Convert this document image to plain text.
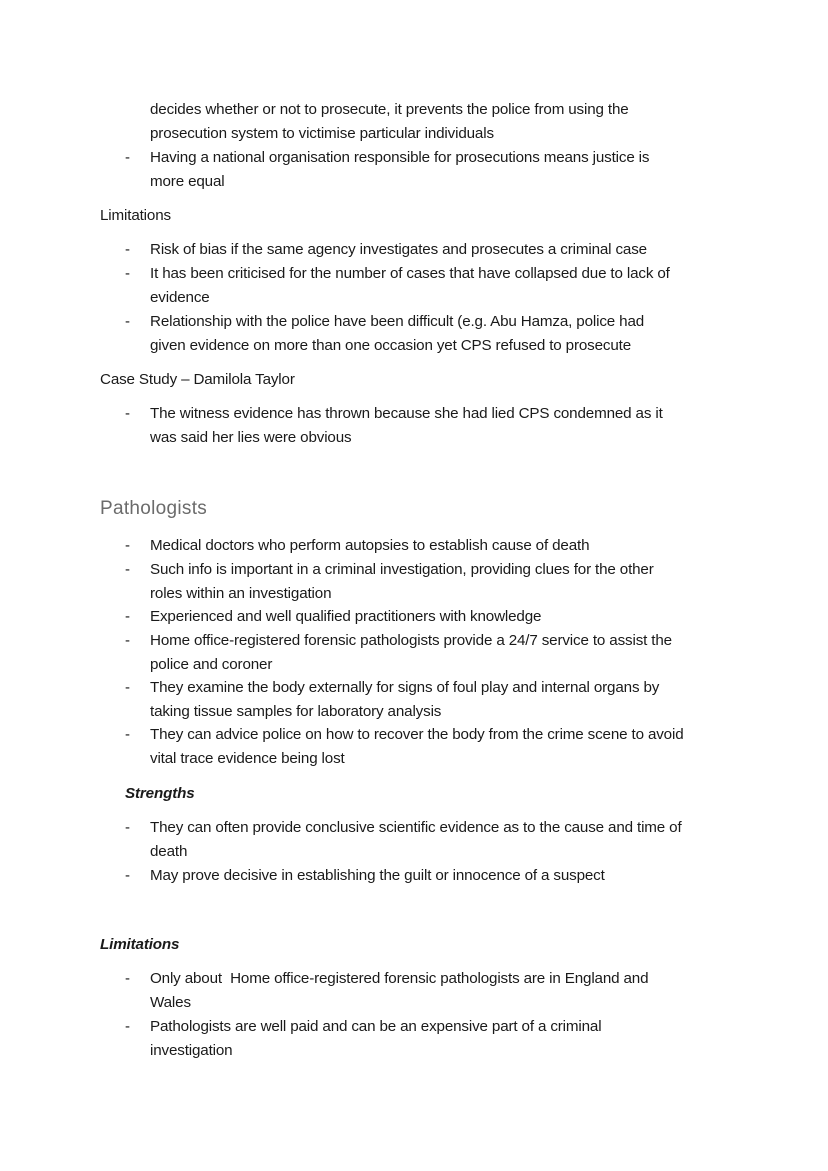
decides whether or not to prosecute, it prevents the police from using the
prosecution system to victimise particular individuals
- Having a national organisation responsible for prosecutions means justice is
more equal
Limitations
- Risk of bias if the same agency investigates and prosecutes a criminal case
- It has been criticised for the number of cases that have collapsed due to lack of
evidence
- Relationship with the police have been difficult (e.g. Abu Hamza, police had
given evidence on more than one occasion yet CPS refused to prosecute
Case Study – Damilola Taylor
- The witness evidence has thrown because she had lied CPS condemned as it
was said her lies were obvious
Pathologists
- Medical doctors who perform autopsies to establish cause of death
- Such info is important in a criminal investigation, providing clues for the other
roles within an investigation
- Experienced and well qualified practitioners with knowledge
- Home office-registered forensic pathologists provide a 24/7 service to assist the
police and coroner
- They examine the body externally for signs of foul play and internal organs by
taking tissue samples for laboratory analysis
- They can advice police on how to recover the body from the crime scene to avoid
vital trace evidence being lost
Strengths
- They can often provide conclusive scientific evidence as to the cause and time of
death
- May prove decisive in establishing the guilt or innocence of a suspect
Limitations
- Only about  Home office-registered forensic pathologists are in England and
Wales
- Pathologists are well paid and can be an expensive part of a criminal
investigation
